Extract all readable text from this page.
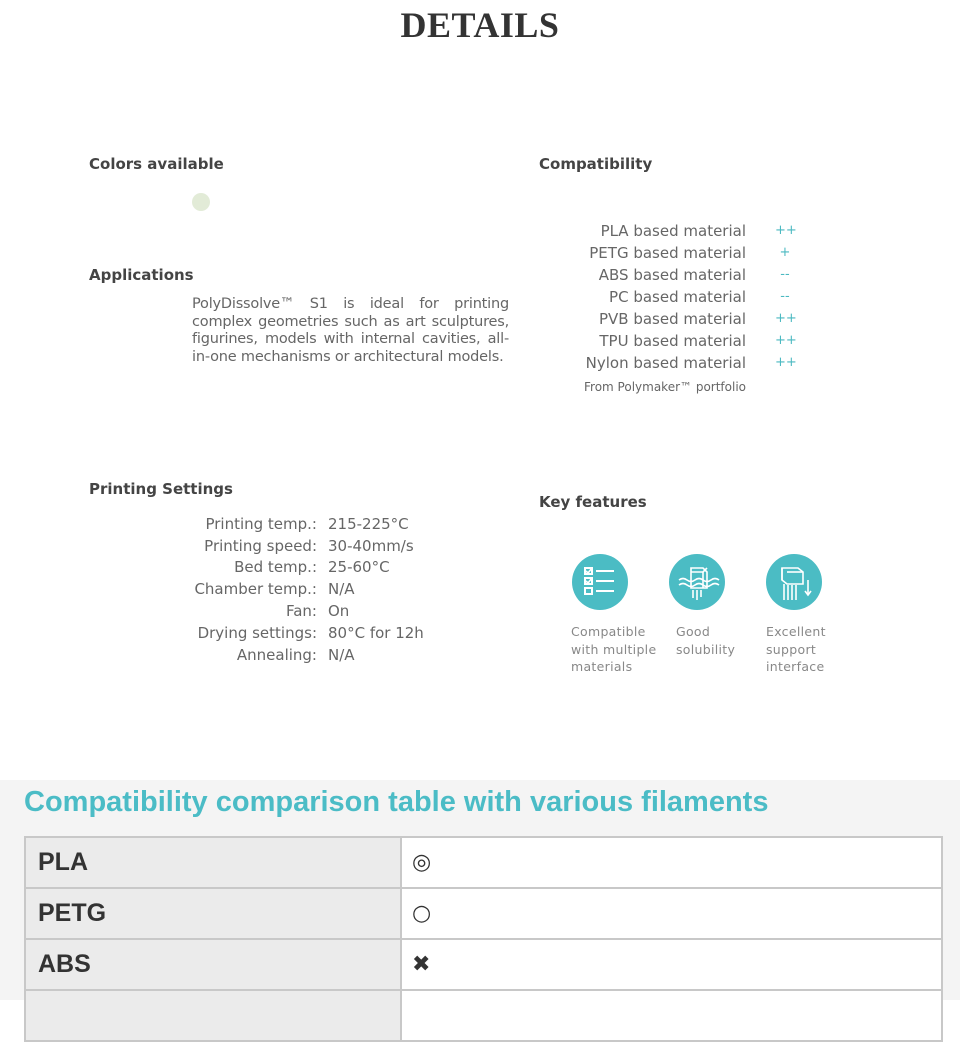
DETAILS
Colors available
Applications
PolyDissolve™ S1 is ideal for printing complex geometries such as art sculptures, figurines, models with internal cavities, all-in-one mechanisms or architectural models.
Compatibility
PLA based material ++
PETG based material	+
ABS based material	--
PC based material	--
PVB based material ++
TPU based material ++
Nylon based material ++
From Polymaker™ portfolio
Printing Settings
Printing temp.: 215-225°C
Printing speed: 30-40mm/s
Bed temp.: 25-60°C
Chamber temp.: N/A
Fan: On
Drying settings: 80°C for 12h
Annealing: N/A
Key features
Compatible
with multiple
materials
Good
solubility
Excellent
support
interface
Compatibility comparison table with various filaments
PLA	◎
PETG	○
ABS	✖
